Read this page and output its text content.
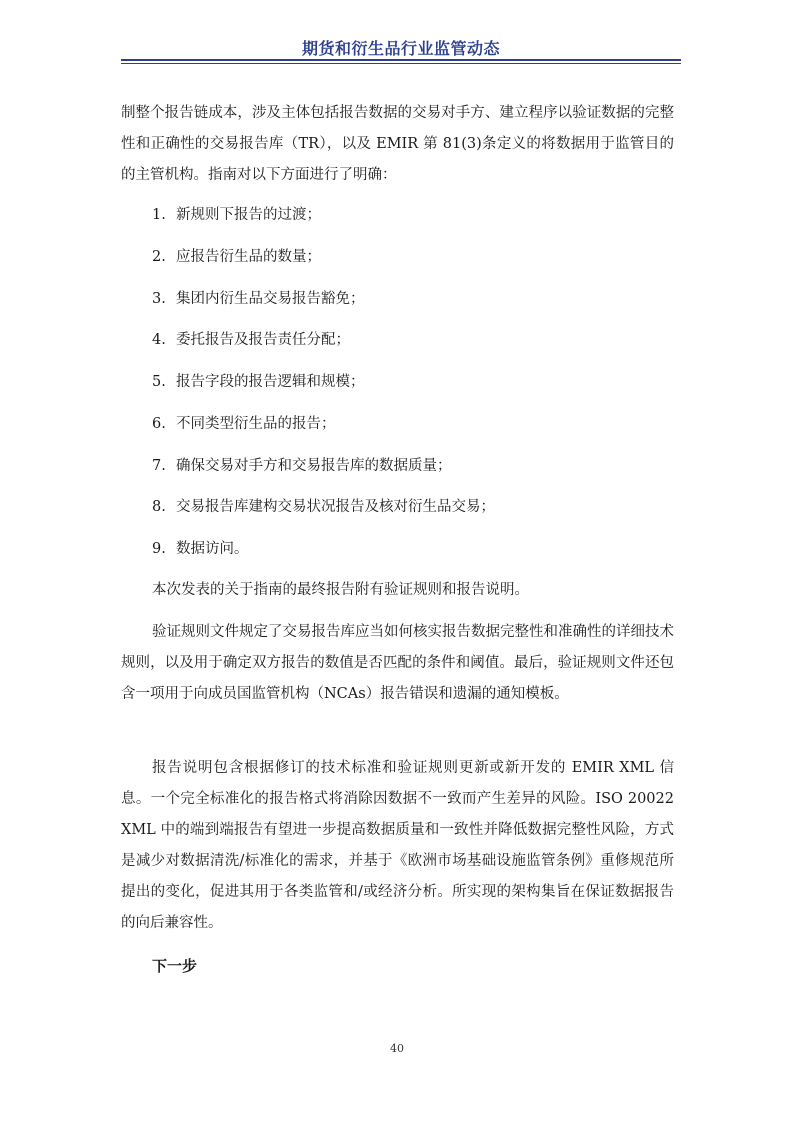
期货和衍生品行业监管动态

制整个报告链成本，涉及主体包括报告数据的交易对手方、建立程序以验证数据的完整性和正确性的交易报告库（TR），以及 EMIR 第 81(3)条定义的将数据用于监管目的的主管机构。指南对以下方面进行了明确：

1. 新规则下报告的过渡；
2. 应报告衍生品的数量；
3. 集团内衍生品交易报告豁免；
4. 委托报告及报告责任分配；
5. 报告字段的报告逻辑和规模；
6. 不同类型衍生品的报告；
7. 确保交易对手方和交易报告库的数据质量；
8. 交易报告库建构交易状况报告及核对衍生品交易；
9. 数据访问。

本次发表的关于指南的最终报告附有验证规则和报告说明。

验证规则文件规定了交易报告库应当如何核实报告数据完整性和准确性的详细技术规则，以及用于确定双方报告的数值是否匹配的条件和阈值。最后，验证规则文件还包含一项用于向成员国监管机构（NCAs）报告错误和遗漏的通知模板。

报告说明包含根据修订的技术标准和验证规则更新或新开发的 EMIR XML 信息。一个完全标准化的报告格式将消除因数据不一致而产生差异的风险。ISO 20022 XML 中的端到端报告有望进一步提高数据质量和一致性并降低数据完整性风险，方式是减少对数据清洗/标准化的需求，并基于《欧洲市场基础设施监管条例》重修规范所提出的变化，促进其用于各类监管和/或经济分析。所实现的架构集旨在保证数据报告的向后兼容性。

下一步
40
